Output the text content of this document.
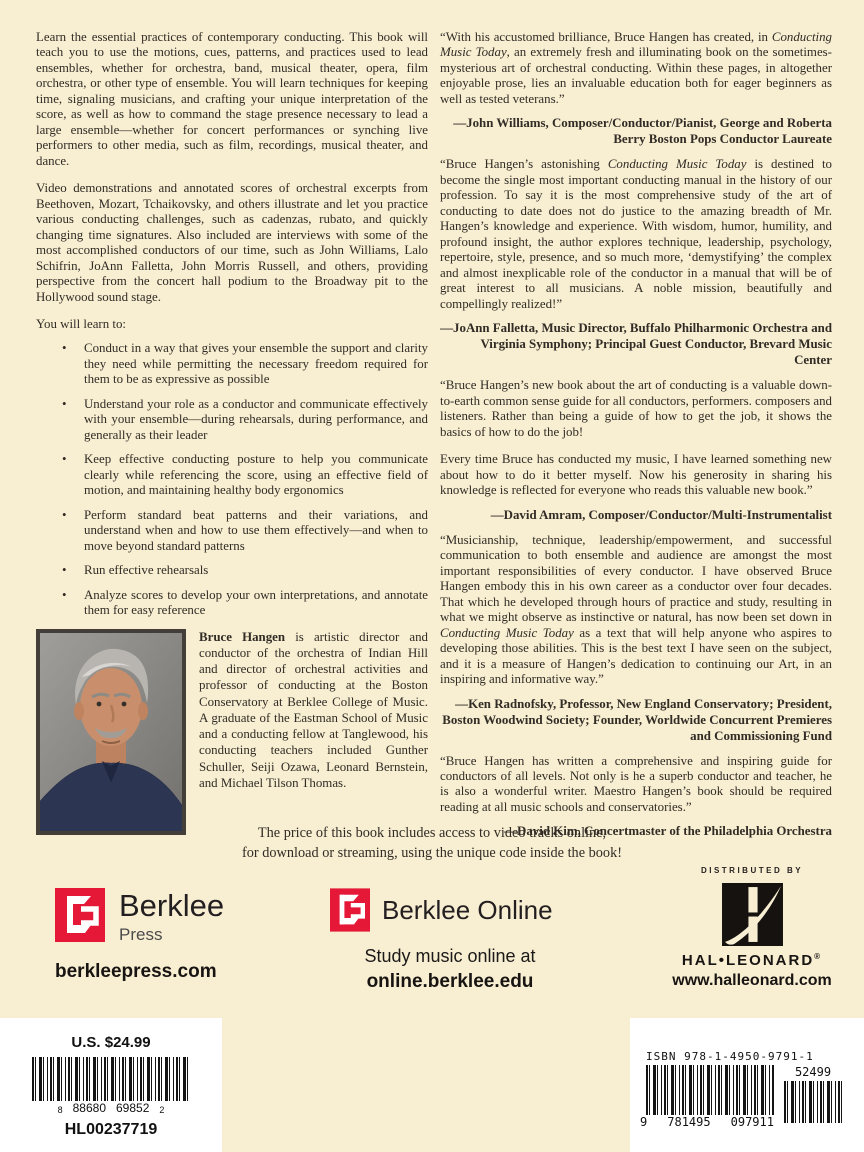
Learn the essential practices of contemporary conducting. This book will teach you to use the motions, cues, patterns, and practices used to lead ensembles, whether for orchestra, band, musical theater, opera, film orchestra, or other type of ensemble. You will learn techniques for keeping time, signaling musicians, and crafting your unique interpretation of the score, as well as how to command the stage presence necessary to lead a large ensemble—whether for concert performances or synching live performers to other media, such as film, recordings, musical theater, and dance.

Video demonstrations and annotated scores of orchestral excerpts from Beethoven, Mozart, Tchaikovsky, and others illustrate and let you practice various conducting challenges, such as cadenzas, rubato, and quickly changing time signatures. Also included are interviews with some of the most accomplished conductors of our time, such as John Williams, Lalo Schifrin, JoAnn Falletta, John Morris Russell, and others, providing perspective from the concert hall podium to the Broadway pit to the Hollywood sound stage.

You will learn to:

•	Conduct in a way that gives your ensemble the support and clarity they need while permitting the necessary freedom required for them to be as expressive as possible
•	Understand your role as a conductor and communicate effectively with your ensemble—during rehearsals, during performance, and generally as their leader
•	Keep effective conducting posture to help you communicate clearly while referencing the score, using an effective field of motion, and maintaining healthy body ergonomics
•	Perform standard beat patterns and their variations, and understand when and how to use them effectively—and when to move beyond standard patterns
•	Run effective rehearsals
•	Analyze scores to develop your own interpretations, and annotate them for easy reference

Bruce Hangen is artistic director and conductor of the orchestra of Indian Hill and director of orchestral activities and professor of conducting at the Boston Conservatory at Berklee College of Music. A graduate of the Eastman School of Music and a conducting fellow at Tanglewood, his conducting teachers included Gunther Schuller, Seiji Ozawa, Leonard Bernstein, and Michael Tilson Thomas.

“With his accustomed brilliance, Bruce Hangen has created, in Conducting Music Today, an extremely fresh and illuminating book on the sometimes-mysterious art of orchestral conducting. Within these pages, in altogether enjoyable prose, lies an invaluable education both for eager beginners as well as tested veterans.”

—John Williams, Composer/Conductor/Pianist, George and Roberta Berry Boston Pops Conductor Laureate

“Bruce Hangen’s astonishing Conducting Music Today is destined to become the single most important conducting manual in the history of our profession. To say it is the most comprehensive study of the art of conducting to date does not do justice to the amazing breadth of Mr. Hangen’s knowledge and experience. With wisdom, humor, humility, and profound insight, the author explores technique, leadership, psychology, repertoire, style, presence, and so much more, ‘demystifying’ the complex and almost inexplicable role of the conductor in a manual that will be of great interest to all musicians. A noble mission, beautifully and compellingly realized!”

—JoAnn Falletta, Music Director, Buffalo Philharmonic Orchestra and Virginia Symphony; Principal Guest Conductor, Brevard Music Center

“Bruce Hangen’s new book about the art of conducting is a valuable down-to-earth common sense guide for all conductors, performers. composers and listeners. Rather than being a guide of how to get the job, it shows the basics of how to do the job!

Every time Bruce has conducted my music, I have learned something new about how to do it better myself. Now his generosity in sharing his knowledge is reflected for everyone who reads this valuable new book.”

—David Amram, Composer/Conductor/Multi-Instrumentalist

“Musicianship, technique, leadership/empowerment, and successful communication to both ensemble and audience are amongst the most important responsibilities of every conductor. I have observed Bruce Hangen embody this in his own career as a conductor over four decades. That which he developed through hours of practice and study, resulting in what we might observe as instinctive or natural, has now been set down in Conducting Music Today as a text that will help anyone who aspires to developing those abilities. This is the best text I have seen on the subject, and it is a measure of Hangen’s dedication to continuing our Art, in an inspiring and informative way.”

—Ken Radnofsky, Professor, New England Conservatory; President, Boston Woodwind Society; Founder, Worldwide Concurrent Premieres and Commissioning Fund

“Bruce Hangen has written a comprehensive and inspiring guide for conductors of all levels. Not only is he a superb conductor and teacher, he is also a wonderful writer. Maestro Hangen’s book should be required reading at all music schools and conservatories.”

—David Kim, Concertmaster of the Philadelphia Orchestra

The price of this book includes access to video tracks online,
for download or streaming, using the unique code inside the book!
Berklee
Press
berkleepress.com
Berklee Online
Study music online at
online.berklee.edu
DISTRIBUTED BY
HAL•LEONARD®
www.halleonard.com
U.S. $24.99
8 88680 69852 2
HL00237719
ISBN 978-1-4950-9791-1
9 781495 097911
52499
